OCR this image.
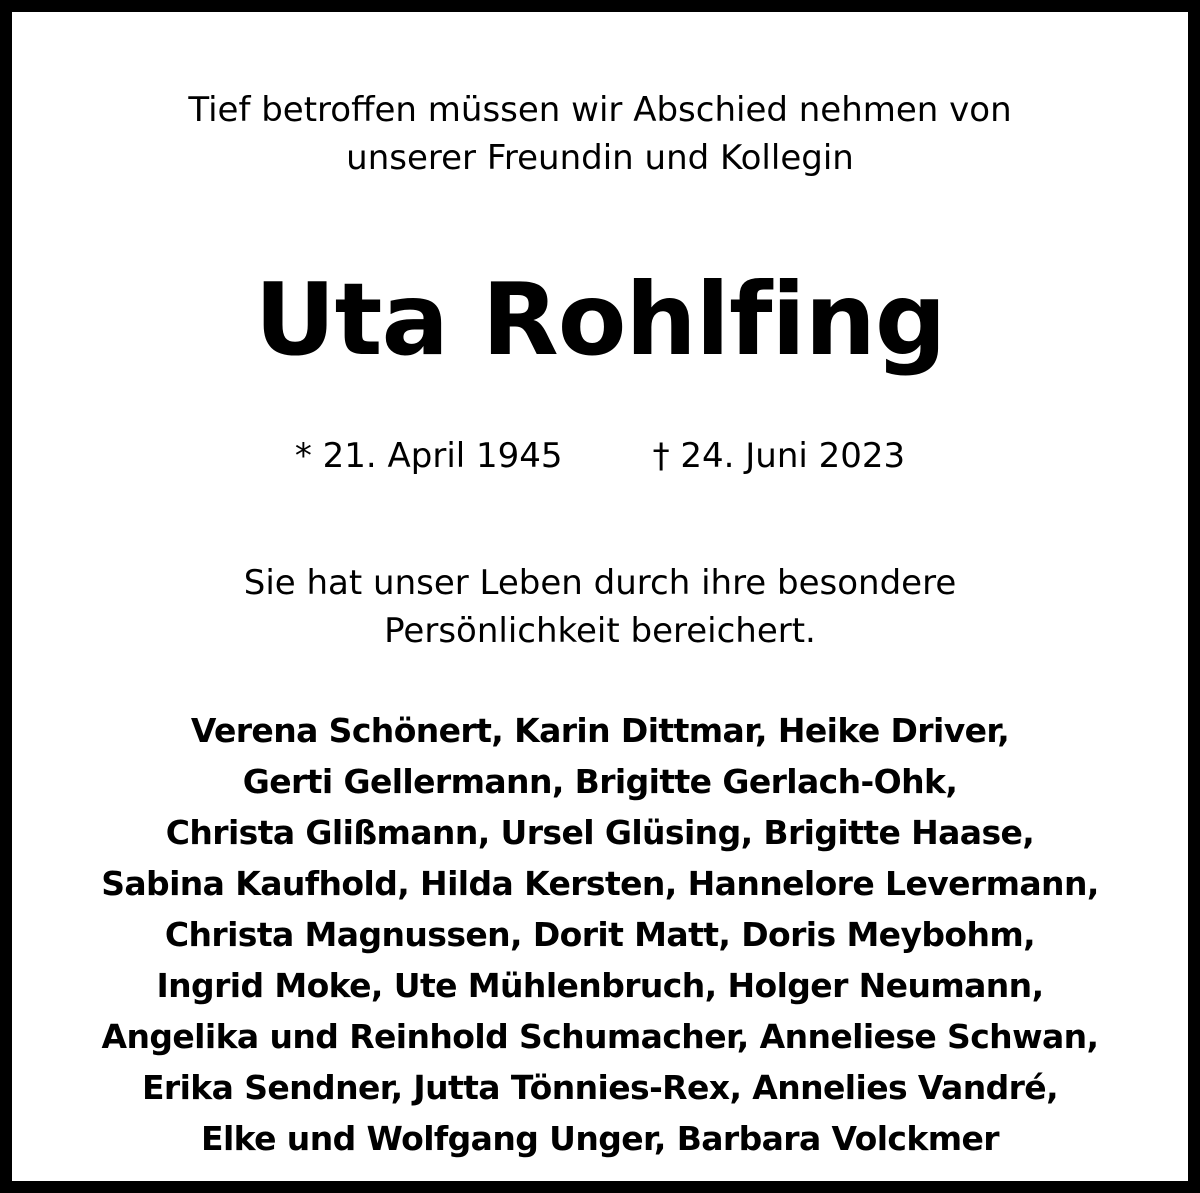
Tief betroffen müssen wir Abschied nehmen von
unserer Freundin und Kollegin
Uta Rohlfing
* 21. April 1945	† 24. Juni 2023
Sie hat unser Leben durch ihre besondere
Persönlichkeit bereichert.
Verena Schönert, Karin Dittmar, Heike Driver,
Gerti Gellermann, Brigitte Gerlach-Ohk,
Christa Glißmann, Ursel Glüsing, Brigitte Haase,
Sabina Kaufhold, Hilda Kersten, Hannelore Levermann,
Christa Magnussen, Dorit Matt, Doris Meybohm,
Ingrid Moke, Ute Mühlenbruch, Holger Neumann,
Angelika und Reinhold Schumacher, Anneliese Schwan,
Erika Sendner, Jutta Tönnies-Rex, Annelies Vandré,
Elke und Wolfgang Unger, Barbara Volckmer
